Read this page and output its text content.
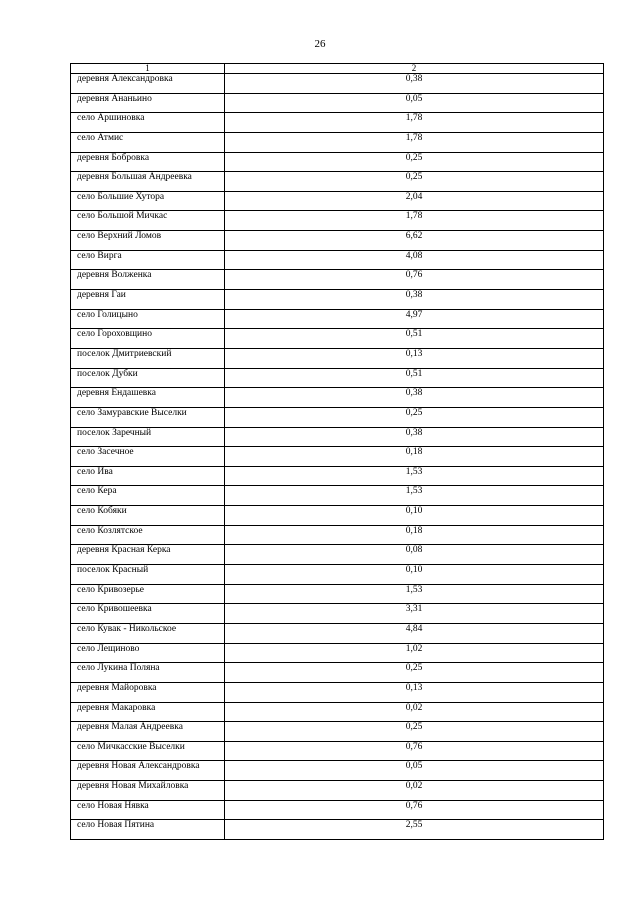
26
1	2
деревня Александровка	0,38
деревня Ананьино	0,05
село Аршиновка	1,78
село Атмис	1,78
деревня Бобровка	0,25
деревня Большая Андреевка	0,25
село Большие Хутора	2,04
село Большой Мичкас	1,78
село Верхний Ломов	6,62
село Вирга	4,08
деревня Волженка	0,76
деревня Гаи	0,38
село Голицыно	4,97
село Гороховщино	0,51
поселок Дмитриевский	0,13
поселок Дубки	0,51
деревня Ендашевка	0,38
село Замуравские Выселки	0,25
поселок Заречный	0,38
село Засечное	0,18
село Ива	1,53
село Кера	1,53
село Кобяки	0,10
село Козлятское	0,18
деревня Красная Керка	0,08
поселок Красный	0,10
село Кривозерье	1,53
село Кривошеевка	3,31
село Кувак - Никольское	4,84
село Лещиново	1,02
село Лукина Поляна	0,25
деревня Майоровка	0,13
деревня Макаровка	0,02
деревня Малая Андреевка	0,25
село Мичкасские Выселки	0,76
деревня Новая Александровка	0,05
деревня Новая Михайловка	0,02
село Новая Нявка	0,76
село Новая Пятина	2,55
